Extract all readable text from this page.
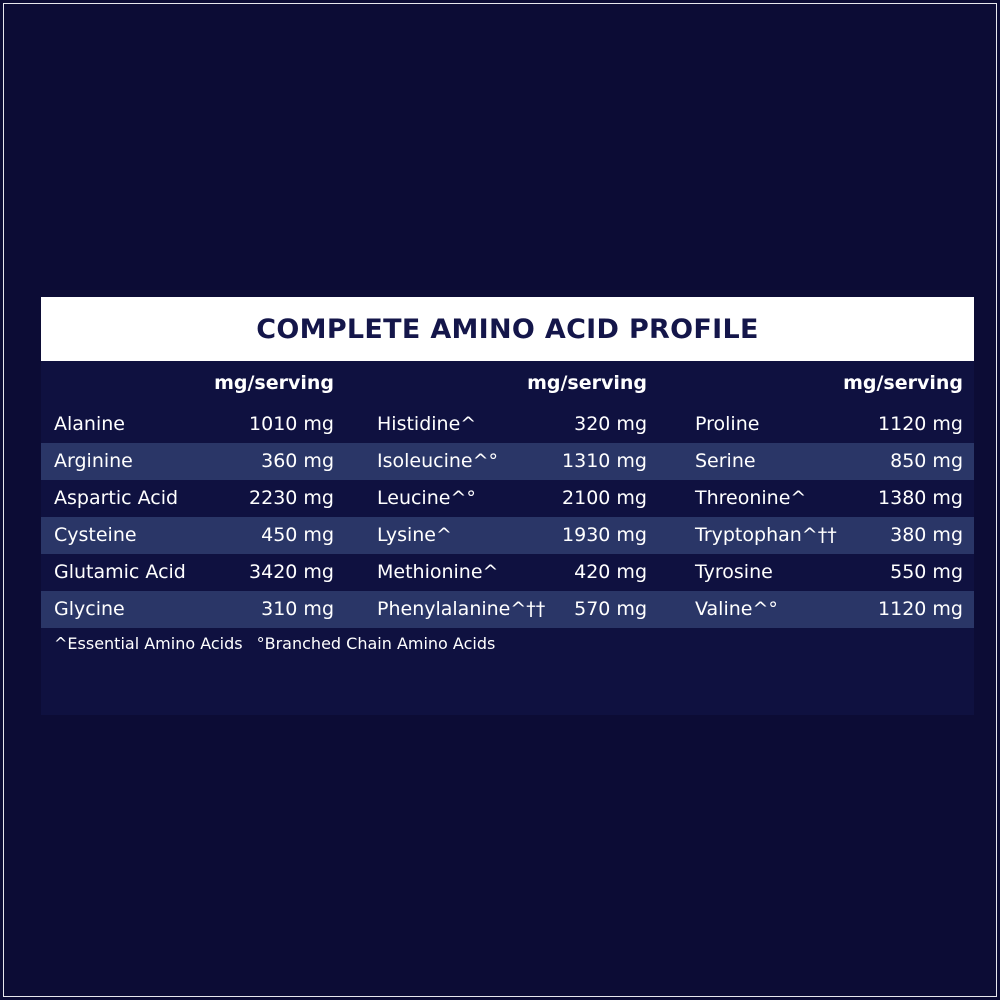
COMPLETE AMINO ACID PROFILE
mg/serving	mg/serving	mg/serving
Alanine	1010 mg Histidine^	320 mg	Proline	1120 mg
Arginine	360 mg Isoleucine^°	1310 mg	Serine	850 mg
Aspartic Acid	2230 mg Leucine^°	2100 mg	Threonine^	1380 mg
Cysteine	450 mg Lysine^	1930 mg	Tryptophan^††	380 mg
Glutamic Acid	3420 mg Methionine^	420 mg	Tyrosine	550 mg
Glycine	310 mg Phenylalanine^†† 570 mg	Valine^°	1120 mg
^Essential Amino Acids °Branched Chain Amino Acids
